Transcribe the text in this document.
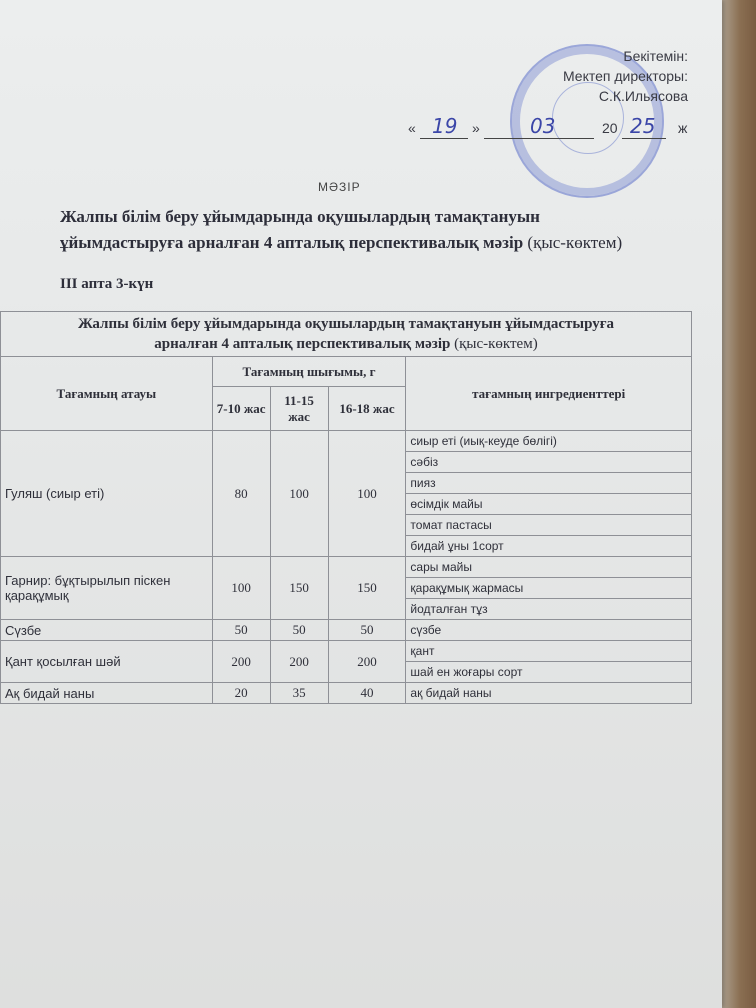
Бекітемін:
Мектеп директоры:
С.К.Ильясова
« 19 »	03	20 25 ж
МӘЗІР
Жалпы білім беру ұйымдарында оқушылардың тамақтануын
ұйымдастыруға арналған 4 апталық перспективалық мәзір (қыс-көктем)
ІІІ апта 3-күн
Жалпы білім беру ұйымдарында оқушылардың тамақтануын ұйымдастыруға
арналған 4 апталық перспективалық мәзір (қыс-көктем)				

Тағамның атауы	Тағамның шығымы, г			тағамның ингредиенттері
	7-10 жас	11-15 жас	16-18 жас	
Гуляш (сиыр еті)	80	100	100	сиыр еті (иық-кеуде бөлігі)
				сәбіз
				пияз
				өсімдік майы
				томат пастасы
				бидай ұны 1сорт
Гарнир: бұқтырылып піскен қарақұмық	100	150	150	сары майы
				қарақұмық жармасы
				йодталған тұз
Сүзбе	50	50	50	сүзбе
Қант қосылған шәй	200	200	200	қант
				шай ен жоғары сорт
Ақ бидай наны	20	35	40	ақ бидай наны
